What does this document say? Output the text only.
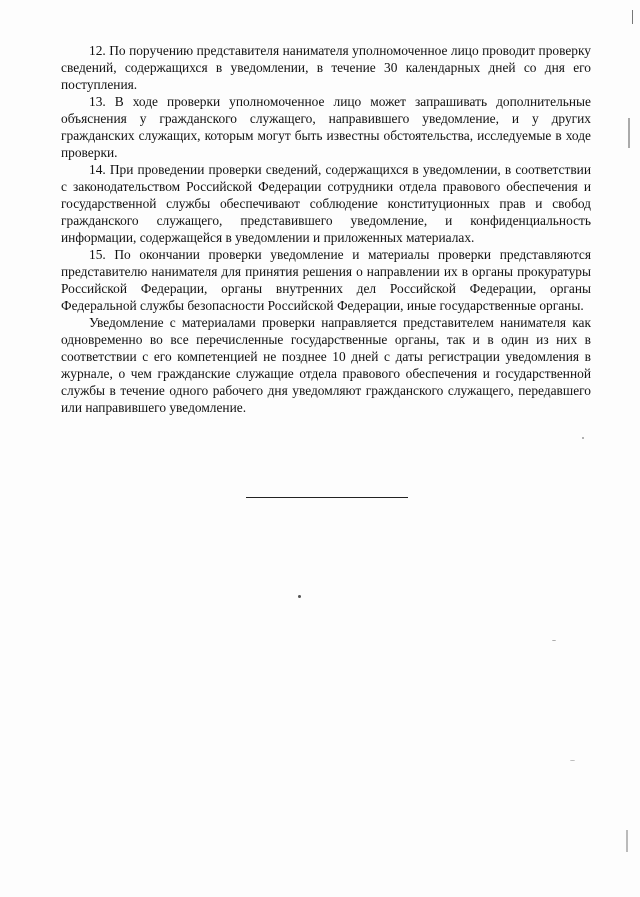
12. По поручению представителя нанимателя уполномоченное лицо проводит проверку сведений, содержащихся в уведомлении, в течение 30 календарных дней со дня его поступления.

13. В ходе проверки уполномоченное лицо может запрашивать дополнительные объяснения у гражданского служащего, направившего уведомление, и у других гражданских служащих, которым могут быть известны обстоятельства, исследуемые в ходе проверки.

14. При проведении проверки сведений, содержащихся в уведомлении, в соответствии с законодательством Российской Федерации сотрудники отдела правового обеспечения и государственной службы обеспечивают соблюдение конституционных прав и свобод гражданского служащего, представившего уведомление, и конфиденциальность информации, содержащейся в уведомлении и приложенных материалах.

15. По окончании проверки уведомление и материалы проверки представляются представителю нанимателя для принятия решения о направлении их в органы прокуратуры Российской Федерации, органы внутренних дел Российской Федерации, органы Федеральной службы безопасности Российской Федерации, иные государственные органы.

Уведомление с материалами проверки направляется представителем нанимателя как одновременно во все перечисленные государственные органы, так и в один из них в соответствии с его компетенцией не позднее 10 дней с даты регистрации уведомления в журнале, о чем гражданские служащие отдела правового обеспечения и государственной службы в течение одного рабочего дня уведомляют гражданского служащего, передавшего или направившего уведомление.
